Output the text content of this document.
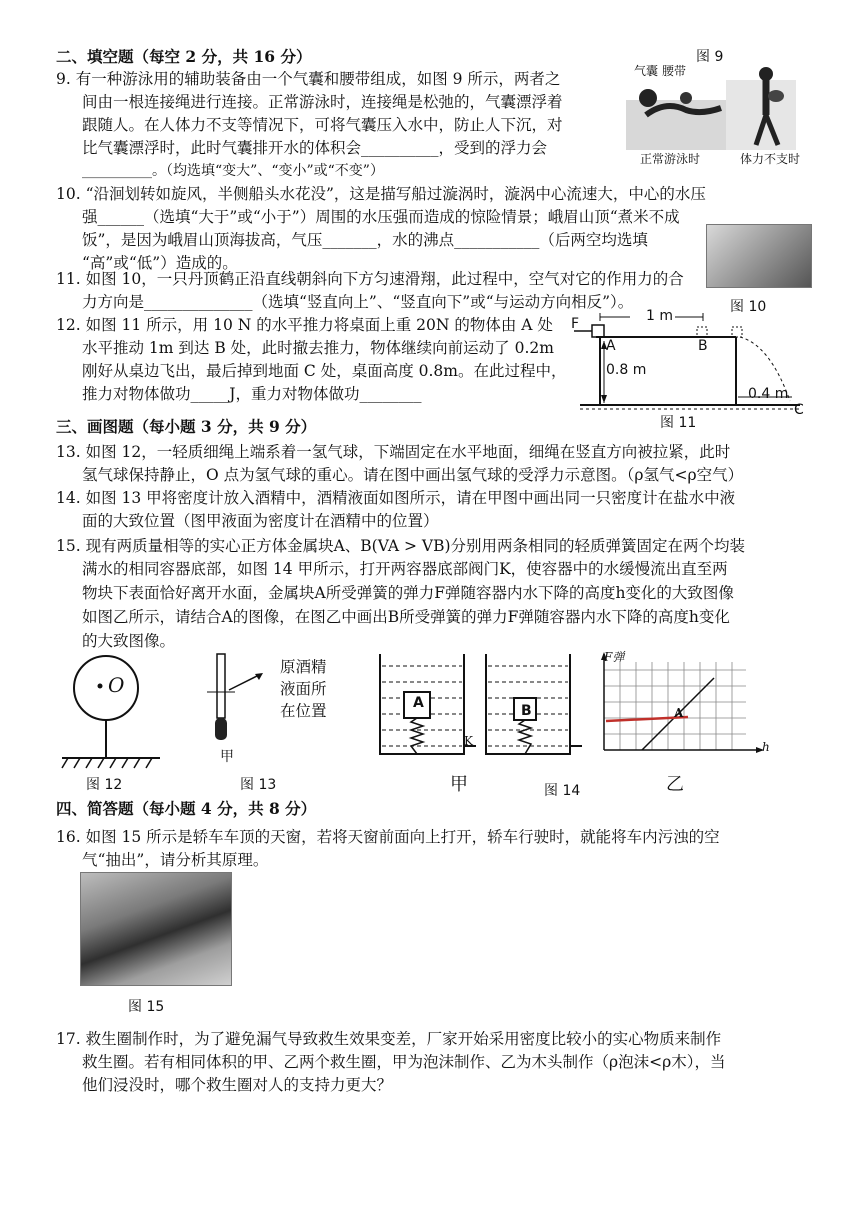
二、填空题（每空 2 分，共 16 分）
9. 有一种游泳用的辅助装备由一个气囊和腰带组成，如图 9 所示，两者之
间由一根连接绳进行连接。正常游泳时，连接绳是松弛的，气囊漂浮着
跟随人。在人体力不支等情况下，可将气囊压入水中，防止人下沉，对
比气囊漂浮时，此时气囊排开水的体积会__________，受到的浮力会
__________。（均选填“变大”、“变小”或“不变”）
图 9
气囊 腰带
正常游泳时	体力不支时
10. “沿洄划转如旋风，半侧船头水花没”，这是描写船过漩涡时，漩涡中心流速大，中心的水压
强______（选填“大于”或“小于”）周围的水压强而造成的惊险情景；峨眉山顶“煮米不成
饭”，是因为峨眉山顶海拔高，气压_______，水的沸点___________（后两空均选填
“高”或“低”）造成的。
11. 如图 10，一只丹顶鹤正沿直线朝斜向下方匀速滑翔，此过程中，空气对它的作用力的合
力方向是______________（选填“竖直向上”、“竖直向下”或“与运动方向相反”）。	图 10
12. 如图 11 所示，用 10 N 的水平推力将桌面上重 20N 的物体由 A 处
水平推动 1m 到达 B 处，此时撤去推力，物体继续向前运动了 0.2m
刚好从桌边飞出，最后掉到地面 C 处，桌面高度 0.8m。在此过程中，
推力对物体做功_____J，重力对物体做功________
F	1 m
A	B
0.8 m
0.4 m
C
图 11
三、画图题（每小题 3 分，共 9 分）
13. 如图 12，一轻质细绳上端系着一氢气球，下端固定在水平地面，细绳在竖直方向被拉紧，此时
氢气球保持静止，O 点为氢气球的重心。请在图中画出氢气球的受浮力示意图。（ρ氢气<ρ空气）
14. 如图 13 甲将密度计放入酒精中，酒精液面如图所示，请在甲图中画出同一只密度计在盐水中液
面的大致位置（图甲液面为密度计在酒精中的位置）
15. 现有两质量相等的实心正方体金属块A、B(VA > VB)分别用两条相同的轻质弹簧固定在两个均装
满水的相同容器底部，如图 14 甲所示，打开两容器底部阀门K，使容器中的水缓慢流出直至两
物块下表面恰好离开水面，金属块A所受弹簧的弹力F弹随容器内水下降的高度h变化的大致图像
如图乙所示，请结合A的图像，在图乙中画出B所受弹簧的弹力F弹随容器内水下降的高度h变化
的大致图像。
O
图 12
原酒精
液面所
在位置
甲
图 13
A	B
K
甲	图 14
F弹
A
h
乙
四、简答题（每小题 4 分，共 8 分）
16. 如图 15 所示是轿车车顶的天窗，若将天窗前面向上打开，轿车行驶时，就能将车内污浊的空
气“抽出”，请分析其原理。
图 15
17. 救生圈制作时，为了避免漏气导致救生效果变差，厂家开始采用密度比较小的实心物质来制作
救生圈。若有相同体积的甲、乙两个救生圈，甲为泡沫制作、乙为木头制作（ρ泡沫<ρ木），当
他们浸没时，哪个救生圈对人的支持力更大？
